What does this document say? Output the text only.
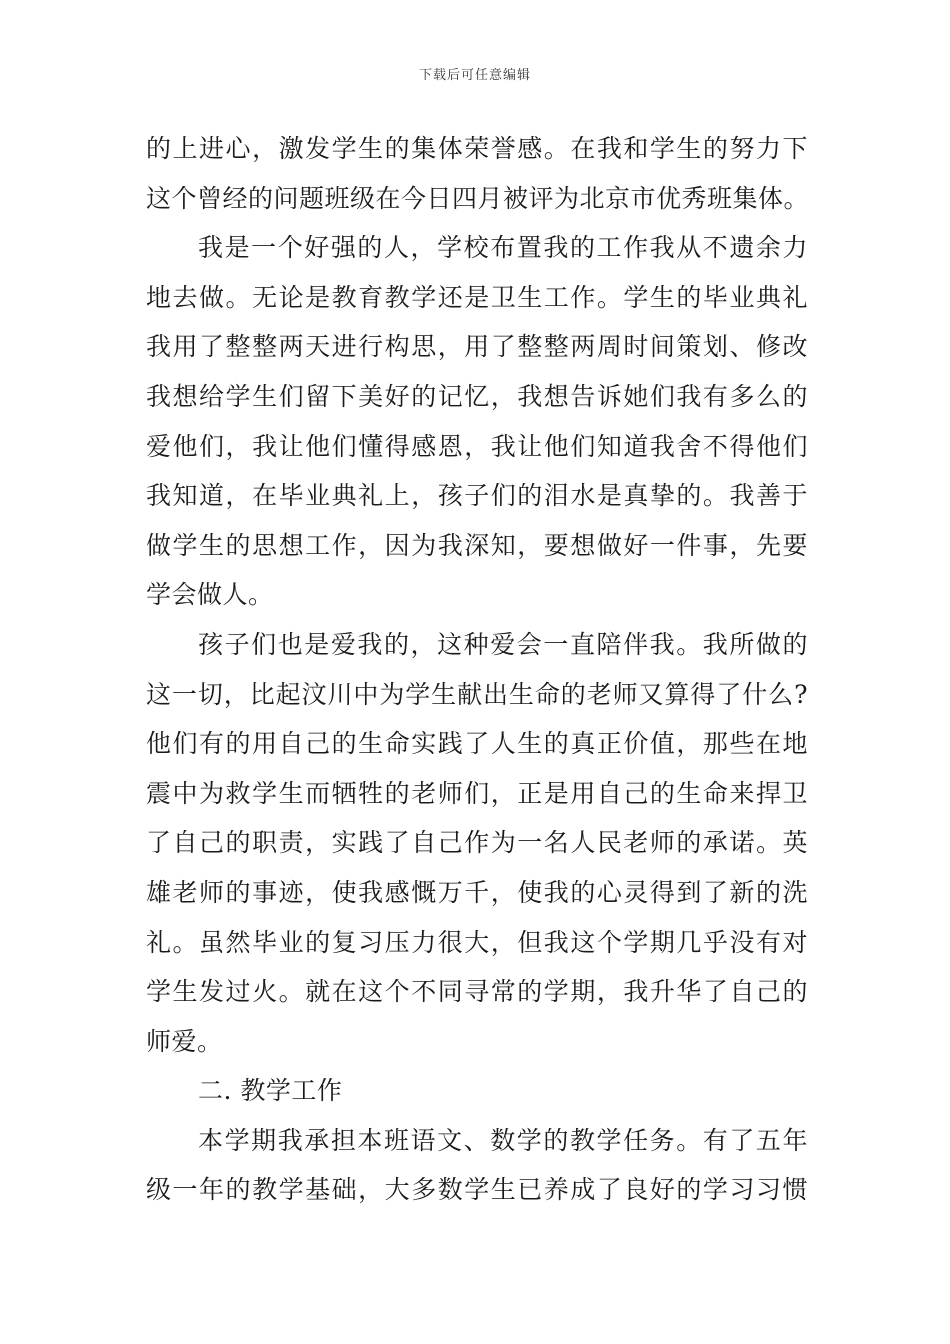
下载后可任意编辑
的上进心，激发学生的集体荣誉感。在我和学生的努力下
这个曾经的问题班级在今日四月被评为北京市优秀班集体。
我是一个好强的人，学校布置我的工作我从不遗余力
地去做。无论是教育教学还是卫生工作。学生的毕业典礼
我用了整整两天进行构思，用了整整两周时间策划、修改
我想给学生们留下美好的记忆，我想告诉她们我有多么的
爱他们，我让他们懂得感恩，我让他们知道我舍不得他们
我知道，在毕业典礼上，孩子们的泪水是真挚的。我善于
做学生的思想工作，因为我深知，要想做好一件事，先要
学会做人。
孩子们也是爱我的，这种爱会一直陪伴我。我所做的
这一切，比起汶川中为学生献出生命的老师又算得了什么?
他们有的用自己的生命实践了人生的真正价值，那些在地
震中为救学生而牺牲的老师们，正是用自己的生命来捍卫
了自己的职责，实践了自己作为一名人民老师的承诺。英
雄老师的事迹，使我感慨万千，使我的心灵得到了新的洗
礼。虽然毕业的复习压力很大，但我这个学期几乎没有对
学生发过火。就在这个不同寻常的学期，我升华了自己的
师爱。
二. 教学工作
本学期我承担本班语文、数学的教学任务。有了五年
级一年的教学基础，大多数学生已养成了良好的学习习惯
